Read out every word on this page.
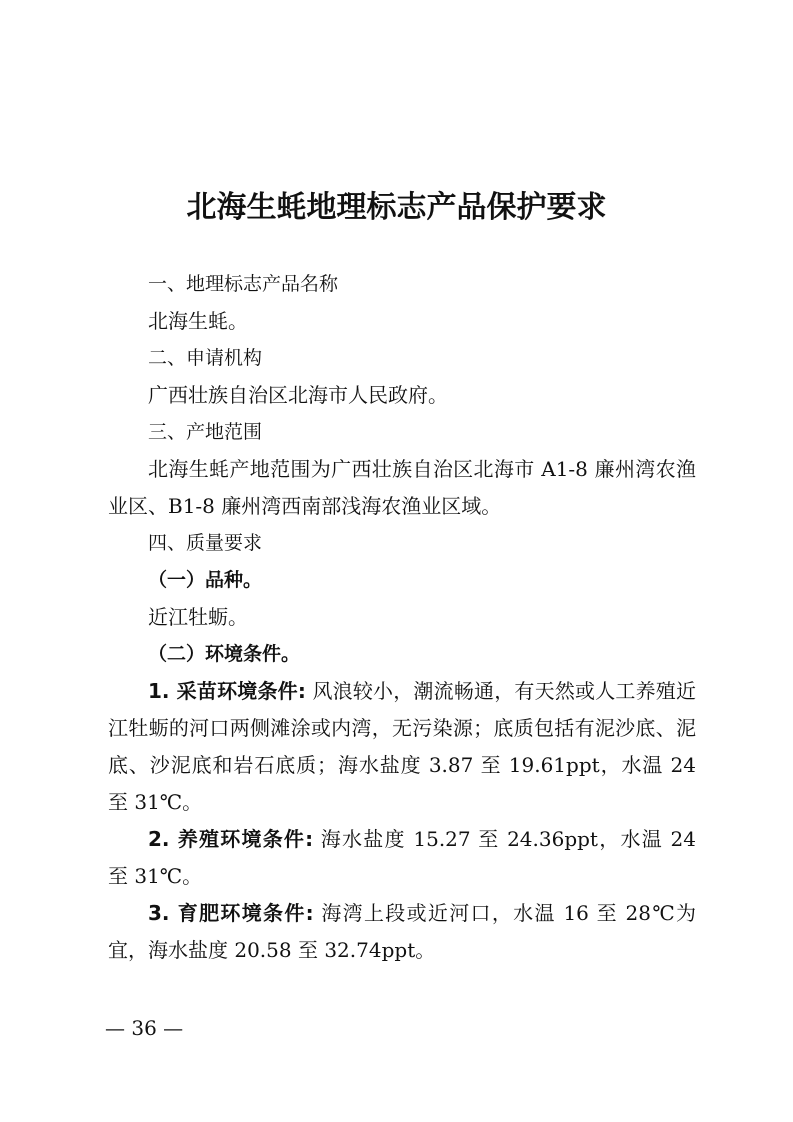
北海生蚝地理标志产品保护要求

一、地理标志产品名称

北海生蚝。

二、申请机构

广西壮族自治区北海市人民政府。

三、产地范围

北海生蚝产地范围为广西壮族自治区北海市 A1-8 廉州湾农渔业区、B1-8 廉州湾西南部浅海农渔业区域。

四、质量要求

（一）品种。

近江牡蛎。

（二）环境条件。

1. 采苗环境条件: 风浪较小，潮流畅通，有天然或人工养殖近江牡蛎的河口两侧滩涂或内湾，无污染源；底质包括有泥沙底、泥底、沙泥底和岩石底质；海水盐度 3.87 至 19.61ppt，水温 24 至 31℃。

2. 养殖环境条件: 海水盐度 15.27 至 24.36ppt，水温 24 至 31℃。

3. 育肥环境条件: 海湾上段或近河口，水温 16 至 28℃为宜，海水盐度 20.58 至 32.74ppt。

— 36 —
